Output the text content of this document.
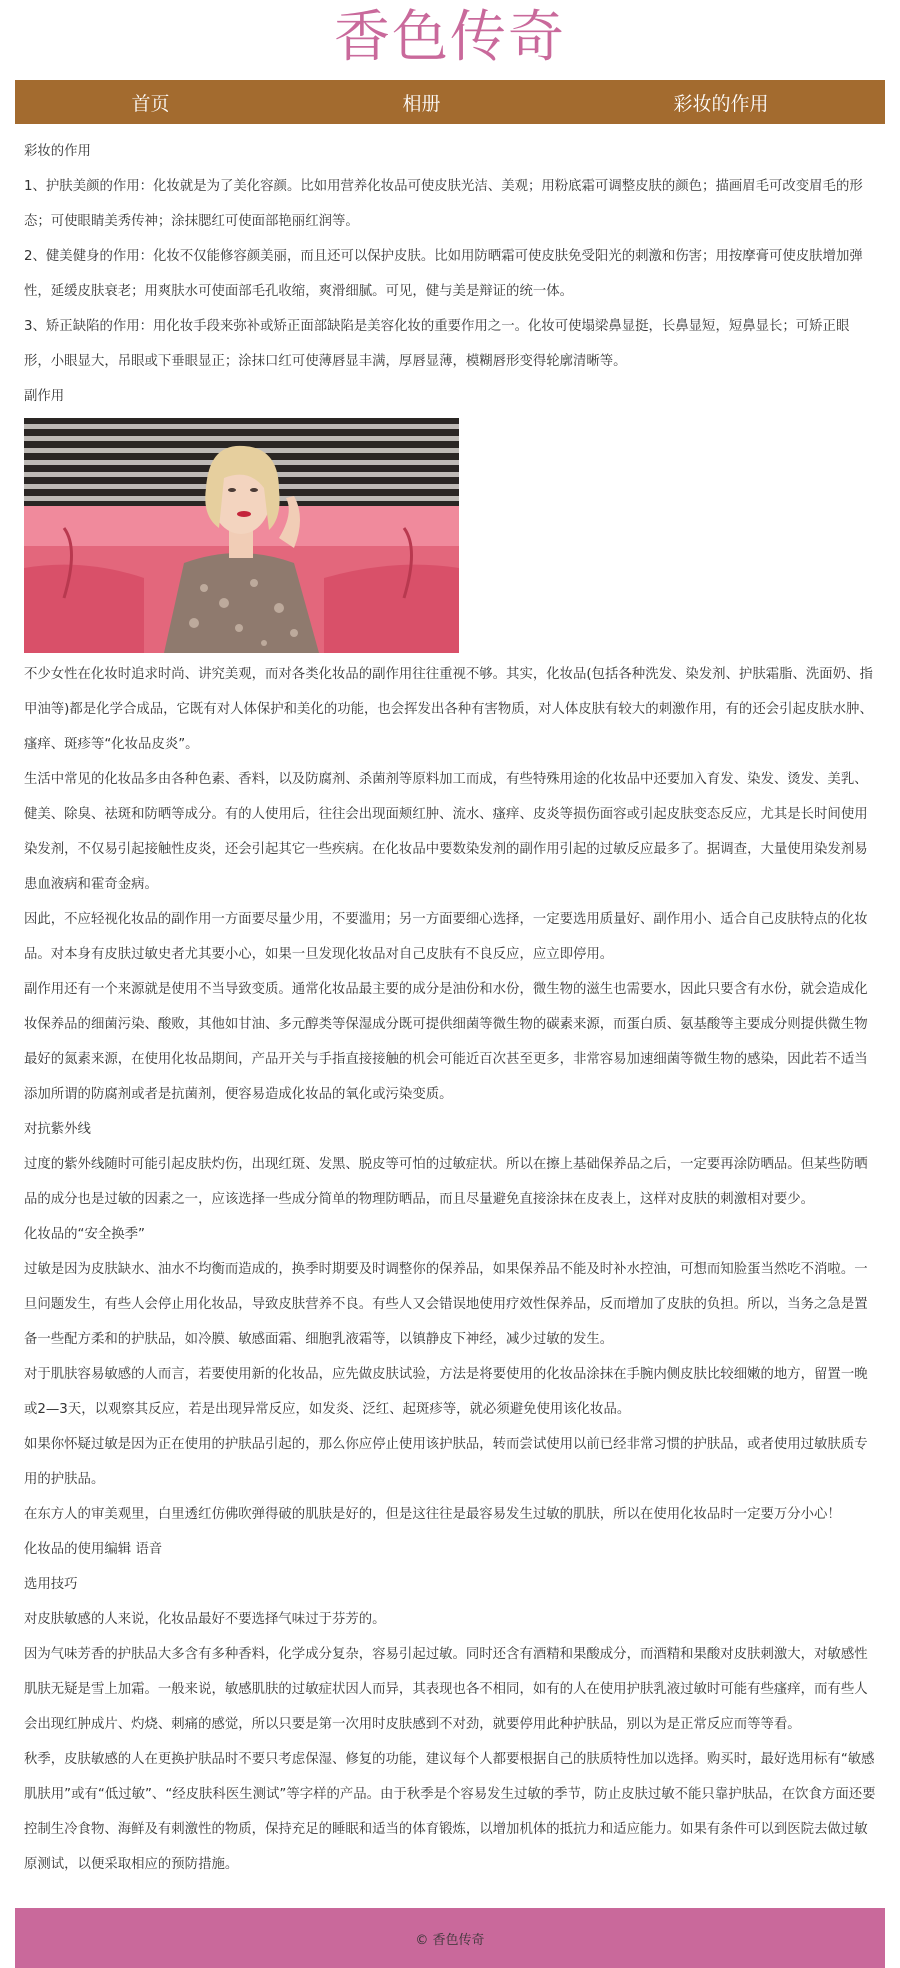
香色传奇
首页	相册	彩妆的作用

彩妆的作用

1、护肤美颜的作用：化妆就是为了美化容颜。比如用营养化妆品可使皮肤光洁、美观；用粉底霜可调整皮肤的颜色；描画眉毛可改变眉毛的形态；可使眼睛美秀传神；涂抹腮红可使面部艳丽红润等。

2、健美健身的作用：化妆不仅能修容颜美丽，而且还可以保护皮肤。比如用防晒霜可使皮肤免受阳光的刺激和伤害；用按摩膏可使皮肤增加弹性，延缓皮肤衰老；用爽肤水可使面部毛孔收缩，爽滑细腻。可见，健与美是辩证的统一体。

3、矫正缺陷的作用：用化妆手段来弥补或矫正面部缺陷是美容化妆的重要作用之一。化妆可使塌梁鼻显挺，长鼻显短，短鼻显长；可矫正眼形，小眼显大，吊眼或下垂眼显正；涂抹口红可使薄唇显丰满，厚唇显薄，模糊唇形变得轮廓清晰等。

副作用

不少女性在化妆时追求时尚、讲究美观，而对各类化妆品的副作用往往重视不够。其实，化妆品(包括各种洗发、染发剂、护肤霜脂、洗面奶、指甲油等)都是化学合成品，它既有对人体保护和美化的功能，也会挥发出各种有害物质，对人体皮肤有较大的刺激作用，有的还会引起皮肤水肿、瘙痒、斑疹等“化妆品皮炎”。

生活中常见的化妆品多由各种色素、香料，以及防腐剂、杀菌剂等原料加工而成，有些特殊用途的化妆品中还要加入育发、染发、烫发、美乳、健美、除臭、祛斑和防晒等成分。有的人使用后，往往会出现面颊红肿、流水、瘙痒、皮炎等损伤面容或引起皮肤变态反应，尤其是长时间使用染发剂，不仅易引起接触性皮炎，还会引起其它一些疾病。在化妆品中要数染发剂的副作用引起的过敏反应最多了。据调查，大量使用染发剂易患血液病和霍奇金病。

因此，不应轻视化妆品的副作用一方面要尽量少用，不要滥用；另一方面要细心选择，一定要选用质量好、副作用小、适合自己皮肤特点的化妆品。对本身有皮肤过敏史者尤其要小心，如果一旦发现化妆品对自己皮肤有不良反应，应立即停用。

副作用还有一个来源就是使用不当导致变质。通常化妆品最主要的成分是油份和水份，微生物的滋生也需要水，因此只要含有水份，就会造成化妆保养品的细菌污染、酸败，其他如甘油、多元醇类等保湿成分既可提供细菌等微生物的碳素来源，而蛋白质、氨基酸等主要成分则提供微生物最好的氮素来源，在使用化妆品期间，产品开关与手指直接接触的机会可能近百次甚至更多，非常容易加速细菌等微生物的感染，因此若不适当添加所谓的防腐剂或者是抗菌剂，便容易造成化妆品的氧化或污染变质。

对抗紫外线

过度的紫外线随时可能引起皮肤灼伤，出现红斑、发黑、脱皮等可怕的过敏症状。所以在擦上基础保养品之后，一定要再涂防晒品。但某些防晒品的成分也是过敏的因素之一，应该选择一些成分简单的物理防晒品，而且尽量避免直接涂抹在皮表上，这样对皮肤的刺激相对要少。

化妆品的“安全换季”

过敏是因为皮肤缺水、油水不均衡而造成的，换季时期要及时调整你的保养品，如果保养品不能及时补水控油，可想而知脸蛋当然吃不消啦。一旦问题发生，有些人会停止用化妆品，导致皮肤营养不良。有些人又会错误地使用疗效性保养品，反而增加了皮肤的负担。所以，当务之急是置备一些配方柔和的护肤品，如冷膜、敏感面霜、细胞乳液霜等，以镇静皮下神经，减少过敏的发生。

对于肌肤容易敏感的人而言，若要使用新的化妆品，应先做皮肤试验，方法是将要使用的化妆品涂抹在手腕内侧皮肤比较细嫩的地方，留置一晚或2—3天，以观察其反应，若是出现异常反应，如发炎、泛红、起斑疹等，就必须避免使用该化妆品。

如果你怀疑过敏是因为正在使用的护肤品引起的，那么你应停止使用该护肤品，转而尝试使用以前已经非常习惯的护肤品，或者使用过敏肤质专用的护肤品。

在东方人的审美观里，白里透红仿佛吹弹得破的肌肤是好的，但是这往往是最容易发生过敏的肌肤，所以在使用化妆品时一定要万分小心！

化妆品的使用编辑 语音

选用技巧

对皮肤敏感的人来说，化妆品最好不要选择气味过于芬芳的。

因为气味芳香的护肤品大多含有多种香料，化学成分复杂，容易引起过敏。同时还含有酒精和果酸成分，而酒精和果酸对皮肤刺激大，对敏感性肌肤无疑是雪上加霜。一般来说，敏感肌肤的过敏症状因人而异，其表现也各不相同，如有的人在使用护肤乳液过敏时可能有些瘙痒，而有些人会出现红肿成片、灼烧、刺痛的感觉，所以只要是第一次用时皮肤感到不对劲，就要停用此种护肤品，别以为是正常反应而等等看。

秋季，皮肤敏感的人在更换护肤品时不要只考虑保湿、修复的功能，建议每个人都要根据自己的肤质特性加以选择。购买时，最好选用标有“敏感肌肤用”或有“低过敏”、“经皮肤科医生测试”等字样的产品。由于秋季是个容易发生过敏的季节，防止皮肤过敏不能只靠护肤品，在饮食方面还要控制生冷食物、海鲜及有刺激性的物质，保持充足的睡眠和适当的体育锻炼，以增加机体的抵抗力和适应能力。如果有条件可以到医院去做过敏原测试，以便采取相应的预防措施。

© 香色传奇
